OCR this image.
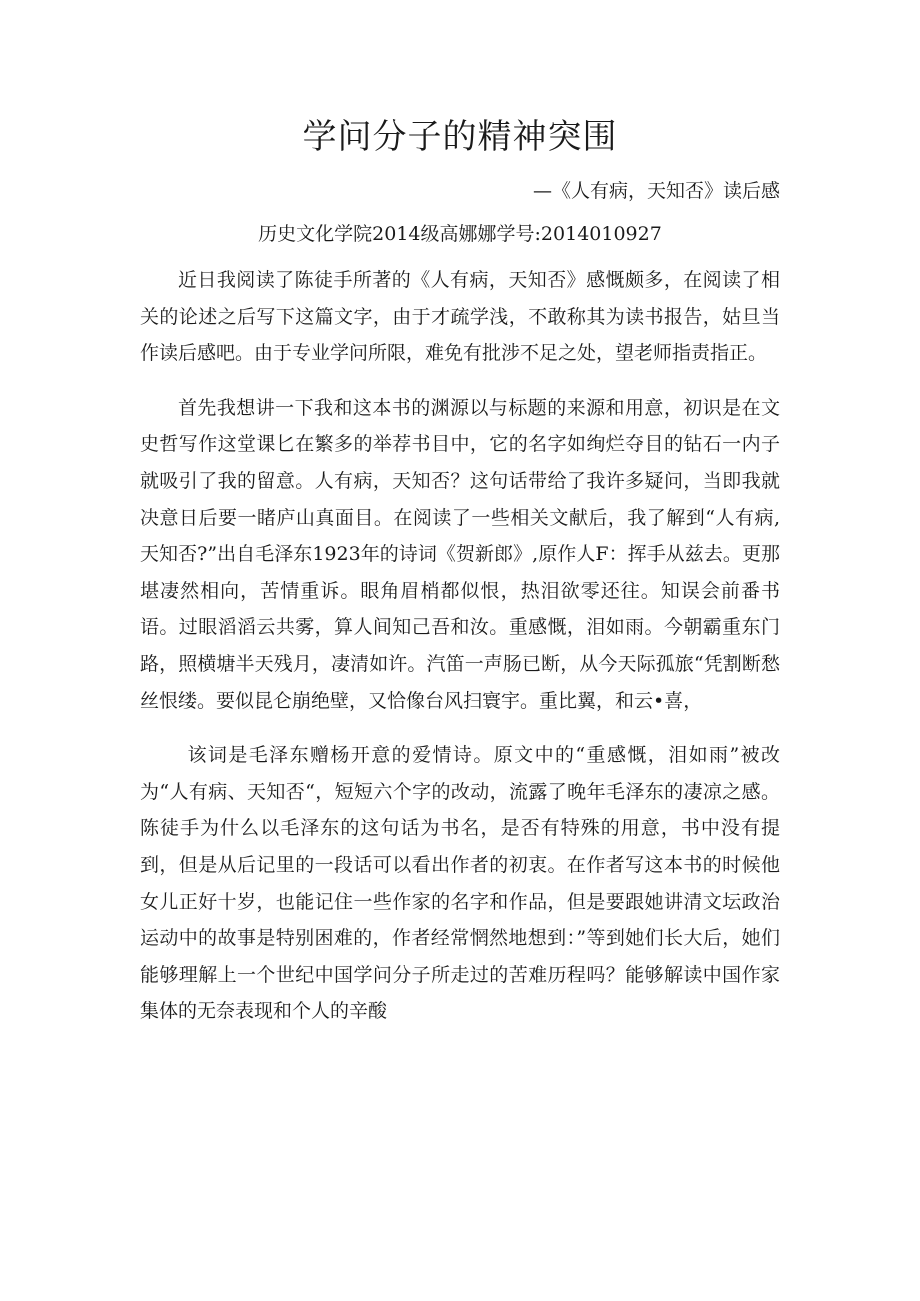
学问分子的精神突围
—《人有病，天知否》读后感
历史文化学院2014级高娜娜学号:2014010927

近日我阅读了陈徒手所著的《人有病，天知否》感慨颇多，在阅读了相关的论述之后写下这篇文字，由于才疏学浅，不敢称其为读书报告，姑旦当作读后感吧。由于专业学问所限，难免有批涉不足之处，望老师指责指正。

首先我想讲一下我和这本书的渊源以与标题的来源和用意，初识是在文史哲写作这堂课匕在繁多的举荐书目中，它的名字如绚烂夺目的钻石一内子就吸引了我的留意。人有病，天知否？这句话带给了我许多疑问，当即我就决意日后要一睹庐山真面目。在阅读了一些相关文献后，我了解到“人有病,天知否?”出自毛泽东1923年的诗词《贺新郎》,原作人F：挥手从兹去。更那堪凄然相向，苦情重诉。眼角眉梢都似恨，热泪欲零还往。知误会前番书语。过眼滔滔云共雾，算人间知己吾和汝。重感慨，泪如雨。今朝霸重东门路，照横塘半天残月，凄清如许。汽笛一声肠已断，从今天际孤旅“凭割断愁丝恨缕。要似昆仑崩绝壁，又恰像台风扫寰宇。重比翼，和云•喜，

该词是毛泽东赠杨开意的爱情诗。原文中的“重感慨，泪如雨”被改为“人有病、天知否“，短短六个字的改动，流露了晚年毛泽东的凄凉之感。陈徒手为什么以毛泽东的这句话为书名，是否有特殊的用意，书中没有提到，但是从后记里的一段话可以看出作者的初衷。在作者写这本书的时候他女儿正好十岁，也能记住一些作家的名字和作品，但是要跟她讲清文坛政治运动中的故事是特别困难的，作者经常惘然地想到：”等到她们长大后，她们能够理解上一个世纪中国学问分子所走过的苦难历程吗？能够解读中国作家集体的无奈表现和个人的辛酸
